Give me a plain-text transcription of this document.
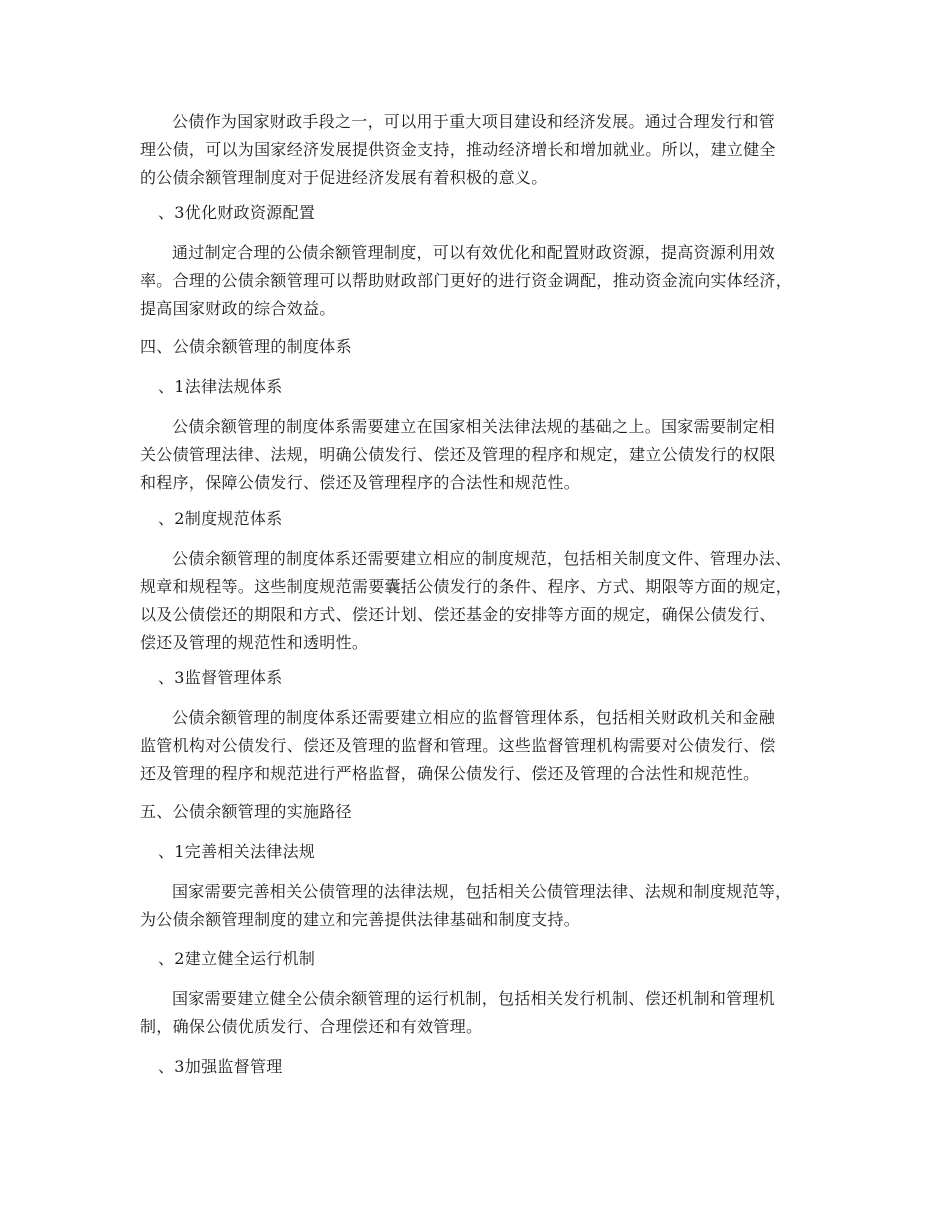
公债作为国家财政手段之一，可以用于重大项目建设和经济发展。通过合理发行和管
理公债，可以为国家经济发展提供资金支持，推动经济增长和增加就业。所以，建立健全
的公债余额管理制度对于促进经济发展有着积极的意义。

、3优化财政资源配置

通过制定合理的公债余额管理制度，可以有效优化和配置财政资源，提高资源利用效
率。合理的公债余额管理可以帮助财政部门更好的进行资金调配，推动资金流向实体经济，
提高国家财政的综合效益。

四、公债余额管理的制度体系

、1法律法规体系

公债余额管理的制度体系需要建立在国家相关法律法规的基础之上。国家需要制定相
关公债管理法律、法规，明确公债发行、偿还及管理的程序和规定，建立公债发行的权限
和程序，保障公债发行、偿还及管理程序的合法性和规范性。

、2制度规范体系

公债余额管理的制度体系还需要建立相应的制度规范，包括相关制度文件、管理办法、
规章和规程等。这些制度规范需要囊括公债发行的条件、程序、方式、期限等方面的规定，
以及公债偿还的期限和方式、偿还计划、偿还基金的安排等方面的规定，确保公债发行、
偿还及管理的规范性和透明性。

、3监督管理体系

公债余额管理的制度体系还需要建立相应的监督管理体系，包括相关财政机关和金融
监管机构对公债发行、偿还及管理的监督和管理。这些监督管理机构需要对公债发行、偿
还及管理的程序和规范进行严格监督，确保公债发行、偿还及管理的合法性和规范性。

五、公债余额管理的实施路径

、1完善相关法律法规

国家需要完善相关公债管理的法律法规，包括相关公债管理法律、法规和制度规范等，
为公债余额管理制度的建立和完善提供法律基础和制度支持。

、2建立健全运行机制

国家需要建立健全公债余额管理的运行机制，包括相关发行机制、偿还机制和管理机
制，确保公债优质发行、合理偿还和有效管理。

、3加强监督管理
